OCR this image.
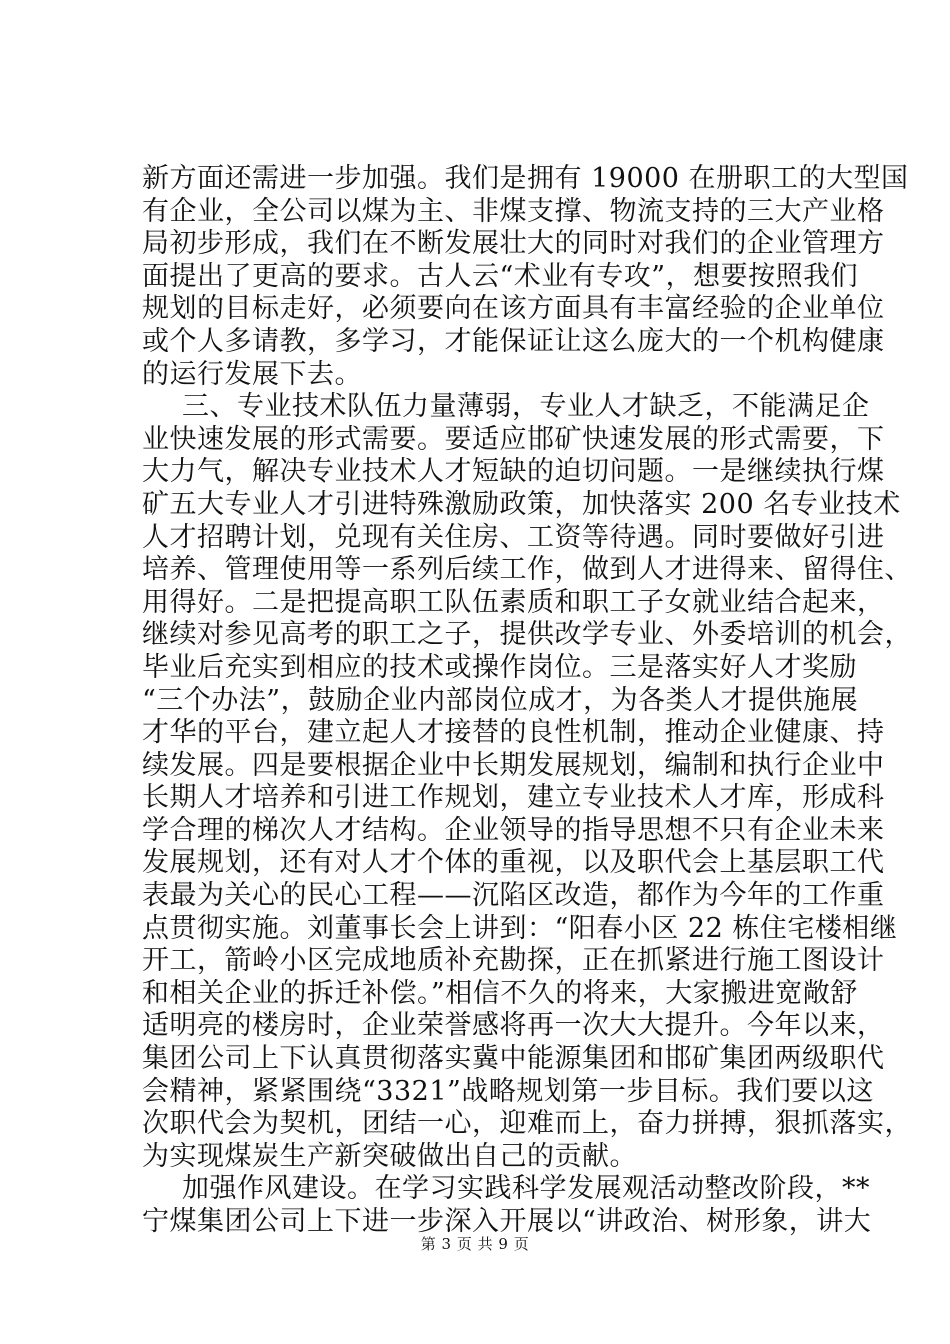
新方面还需进一步加强。我们是拥有 19000 在册职工的大型国
有企业，全公司以煤为主、非煤支撑、物流支持的三大产业格
局初步形成，我们在不断发展壮大的同时对我们的企业管理方
面提出了更高的要求。古人云“术业有专攻”，想要按照我们
规划的目标走好，必须要向在该方面具有丰富经验的企业单位
或个人多请教，多学习，才能保证让这么庞大的一个机构健康
的运行发展下去。
三、专业技术队伍力量薄弱，专业人才缺乏，不能满足企
业快速发展的形式需要。要适应邯矿快速发展的形式需要，下
大力气，解决专业技术人才短缺的迫切问题。一是继续执行煤
矿五大专业人才引进特殊激励政策，加快落实 200 名专业技术
人才招聘计划，兑现有关住房、工资等待遇。同时要做好引进
培养、管理使用等一系列后续工作，做到人才进得来、留得住、
用得好。二是把提高职工队伍素质和职工子女就业结合起来，
继续对参见高考的职工之子，提供改学专业、外委培训的机会，
毕业后充实到相应的技术或操作岗位。三是落实好人才奖励
“三个办法”，鼓励企业内部岗位成才，为各类人才提供施展
才华的平台，建立起人才接替的良性机制，推动企业健康、持
续发展。四是要根据企业中长期发展规划，编制和执行企业中
长期人才培养和引进工作规划，建立专业技术人才库，形成科
学合理的梯次人才结构。企业领导的指导思想不只有企业未来
发展规划，还有对人才个体的重视，以及职代会上基层职工代
表最为关心的民心工程——沉陷区改造，都作为今年的工作重
点贯彻实施。刘董事长会上讲到：“阳春小区 22 栋住宅楼相继
开工，箭岭小区完成地质补充勘探，正在抓紧进行施工图设计
和相关企业的拆迁补偿。”相信不久的将来，大家搬进宽敞舒
适明亮的楼房时，企业荣誉感将再一次大大提升。今年以来，
集团公司上下认真贯彻落实冀中能源集团和邯矿集团两级职代
会精神，紧紧围绕“3321”战略规划第一步目标。我们要以这
次职代会为契机，团结一心，迎难而上，奋力拼搏，狠抓落实，
为实现煤炭生产新突破做出自己的贡献。
加强作风建设。在学习实践科学发展观活动整改阶段，**
宁煤集团公司上下进一步深入开展以“讲政治、树形象，讲大
第 3 页 共 9 页
